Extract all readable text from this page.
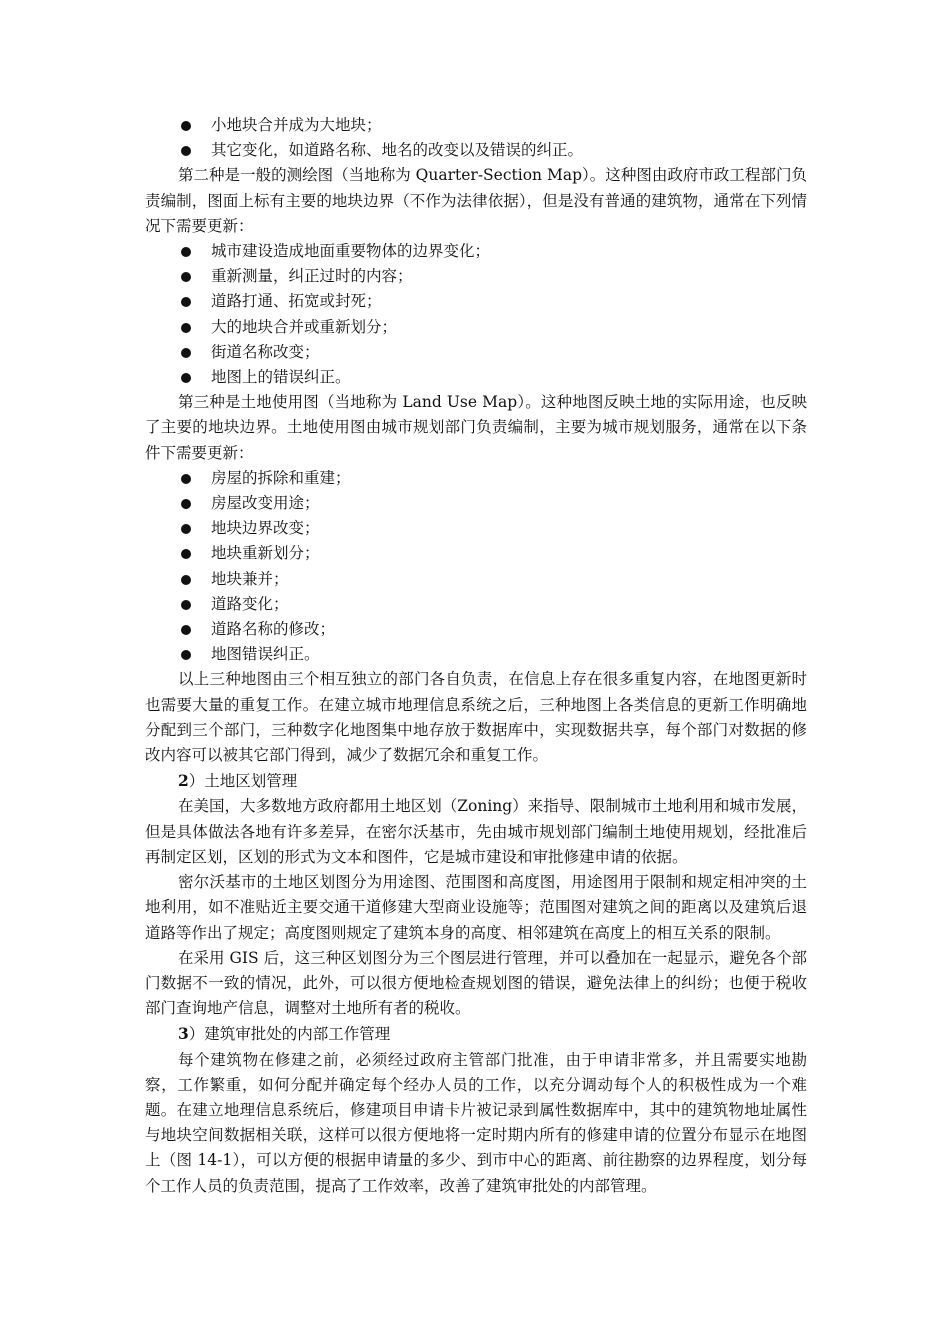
小地块合并成为大地块；
其它变化，如道路名称、地名的改变以及错误的纠正。

第二种是一般的测绘图（当地称为 Quarter-Section Map）。这种图由政府市政工程部门负责编制，图面上标有主要的地块边界（不作为法律依据），但是没有普通的建筑物，通常在下列情况下需要更新：

城市建设造成地面重要物体的边界变化；
重新测量，纠正过时的内容；
道路打通、拓宽或封死；
大的地块合并或重新划分；
街道名称改变；
地图上的错误纠正。

第三种是土地使用图（当地称为 Land Use Map）。这种地图反映土地的实际用途，也反映了主要的地块边界。土地使用图由城市规划部门负责编制，主要为城市规划服务，通常在以下条件下需要更新：

房屋的拆除和重建；
房屋改变用途；
地块边界改变；
地块重新划分；
地块兼并；
道路变化；
道路名称的修改；
地图错误纠正。

以上三种地图由三个相互独立的部门各自负责，在信息上存在很多重复内容，在地图更新时也需要大量的重复工作。在建立城市地理信息系统之后，三种地图上各类信息的更新工作明确地分配到三个部门，三种数字化地图集中地存放于数据库中，实现数据共享，每个部门对数据的修改内容可以被其它部门得到，减少了数据冗余和重复工作。

2）土地区划管理

在美国，大多数地方政府都用土地区划（Zoning）来指导、限制城市土地利用和城市发展，但是具体做法各地有许多差异，在密尔沃基市，先由城市规划部门编制土地使用规划，经批准后再制定区划，区划的形式为文本和图件，它是城市建设和审批修建申请的依据。

密尔沃基市的土地区划图分为用途图、范围图和高度图，用途图用于限制和规定相冲突的土地利用，如不准贴近主要交通干道修建大型商业设施等；范围图对建筑之间的距离以及建筑后退道路等作出了规定；高度图则规定了建筑本身的高度、相邻建筑在高度上的相互关系的限制。

在采用 GIS 后，这三种区划图分为三个图层进行管理，并可以叠加在一起显示，避免各个部门数据不一致的情况，此外，可以很方便地检查规划图的错误，避免法律上的纠纷；也便于税收部门查询地产信息，调整对土地所有者的税收。

3）建筑审批处的内部工作管理

每个建筑物在修建之前，必须经过政府主管部门批准，由于申请非常多，并且需要实地勘察，工作繁重，如何分配并确定每个经办人员的工作，以充分调动每个人的积极性成为一个难题。在建立地理信息系统后，修建项目申请卡片被记录到属性数据库中，其中的建筑物地址属性与地块空间数据相关联，这样可以很方便地将一定时期内所有的修建申请的位置分布显示在地图上（图 14-1），可以方便的根据申请量的多少、到市中心的距离、前往勘察的边界程度，划分每个工作人员的负责范围，提高了工作效率，改善了建筑审批处的内部管理。
